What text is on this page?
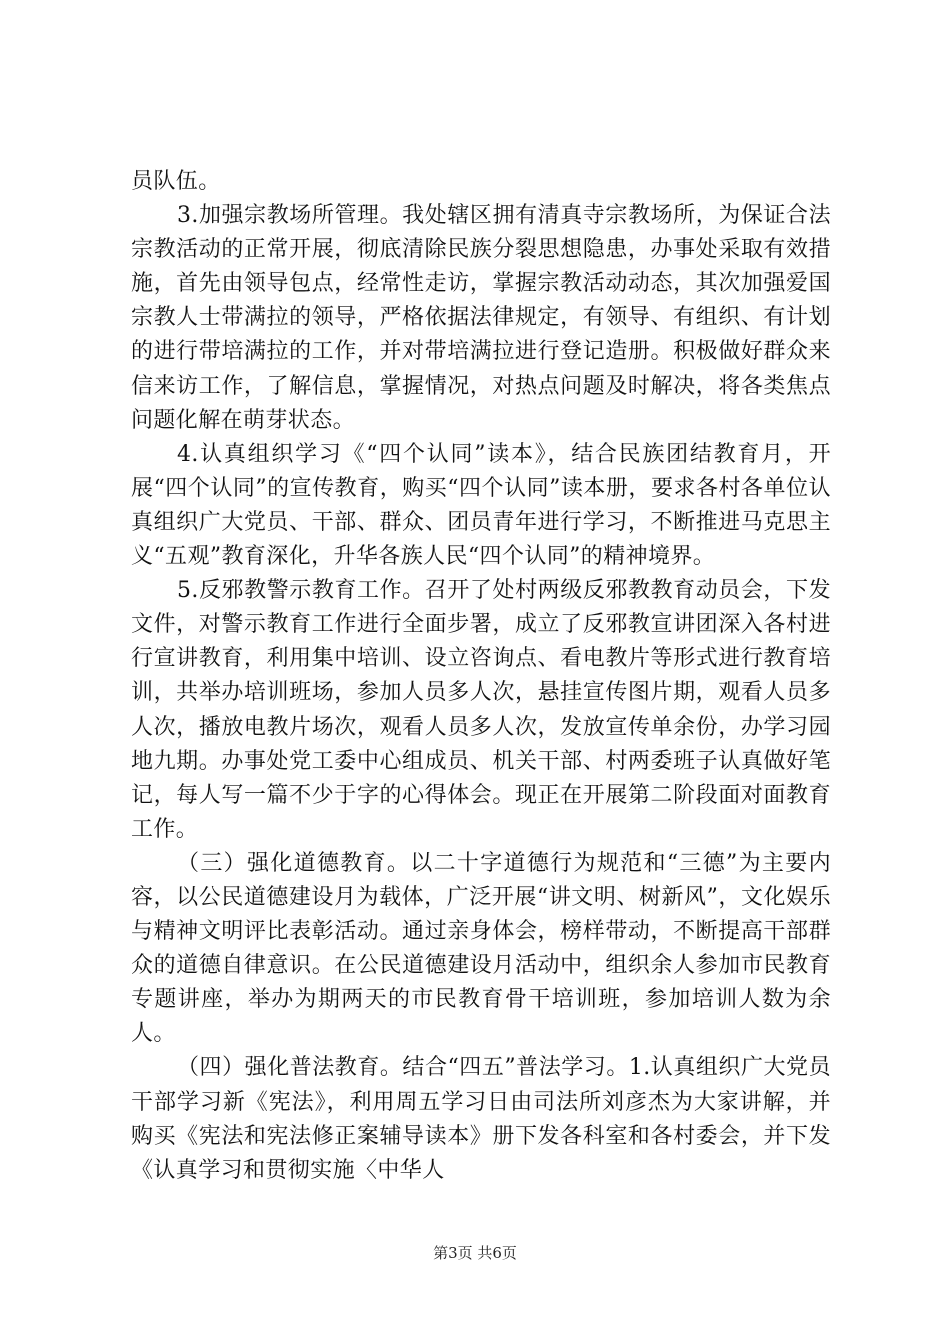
员队伍。

3.加强宗教场所管理。我处辖区拥有清真寺宗教场所，为保证合法宗教活动的正常开展，彻底清除民族分裂思想隐患，办事处采取有效措施，首先由领导包点，经常性走访，掌握宗教活动动态，其次加强爱国宗教人士带满拉的领导，严格依据法律规定，有领导、有组织、有计划的进行带培满拉的工作，并对带培满拉进行登记造册。积极做好群众来信来访工作，了解信息，掌握情况，对热点问题及时解决，将各类焦点问题化解在萌芽状态。

4.认真组织学习《“四个认同”读本》，结合民族团结教育月，开展“四个认同”的宣传教育，购买“四个认同”读本册，要求各村各单位认真组织广大党员、干部、群众、团员青年进行学习，不断推进马克思主义“五观”教育深化，升华各族人民“四个认同”的精神境界。

5.反邪教警示教育工作。召开了处村两级反邪教教育动员会，下发文件，对警示教育工作进行全面步署，成立了反邪教宣讲团深入各村进行宣讲教育，利用集中培训、设立咨询点、看电教片等形式进行教育培训，共举办培训班场，参加人员多人次，悬挂宣传图片期，观看人员多人次，播放电教片场次，观看人员多人次，发放宣传单余份，办学习园地九期。办事处党工委中心组成员、机关干部、村两委班子认真做好笔记，每人写一篇不少于字的心得体会。现正在开展第二阶段面对面教育工作。

（三）强化道德教育。以二十字道德行为规范和“三德”为主要内容，以公民道德建设月为载体，广泛开展“讲文明、树新风”，文化娱乐与精神文明评比表彰活动。通过亲身体会，榜样带动，不断提高干部群众的道德自律意识。在公民道德建设月活动中，组织余人参加市民教育专题讲座，举办为期两天的市民教育骨干培训班，参加培训人数为余人。

（四）强化普法教育。结合“四五”普法学习。1.认真组织广大党员干部学习新《宪法》，利用周五学习日由司法所刘彦杰为大家讲解，并购买《宪法和宪法修正案辅导读本》册下发各科室和各村委会，并下发《认真学习和贯彻实施〈中华人

第3页 共6页
